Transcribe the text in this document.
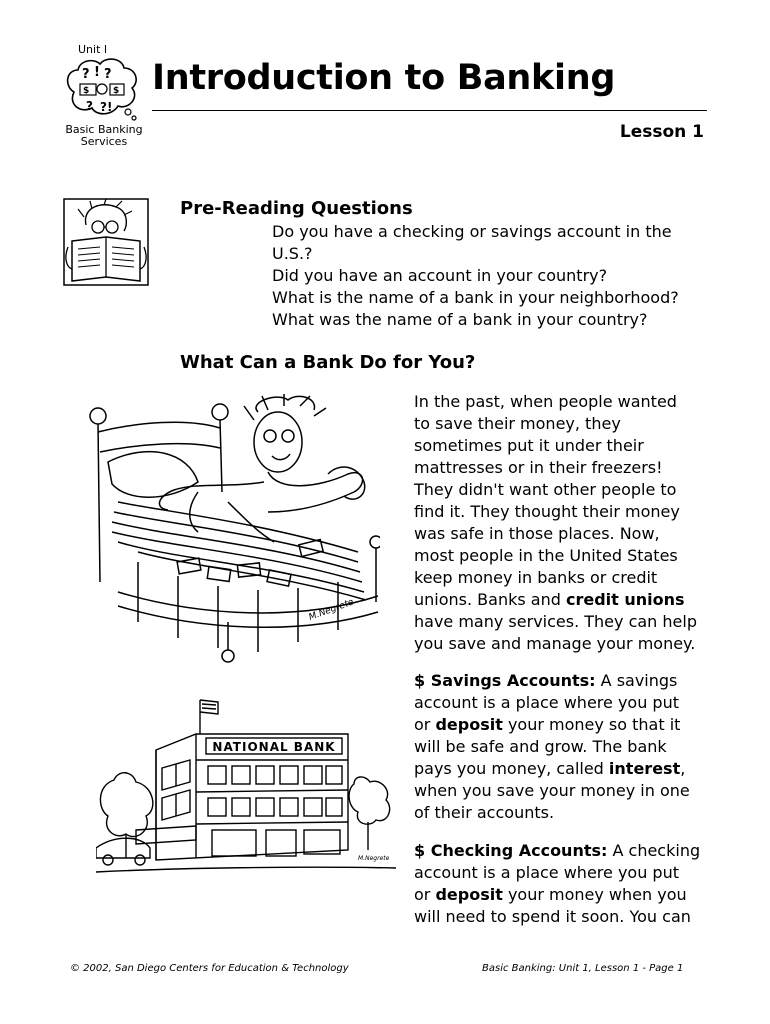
Unit I
? ! ?
$	$
? ?!
Basic Banking
Services
Introduction to Banking
Lesson 1
Pre-Reading Questions
Do you have a checking or savings account in the
U.S.?
Did you have an account in your country?
What is the name of a bank in your neighborhood?
What was the name of a bank in your country?
What Can a Bank Do for You?
M.Negrete
NATIONAL BANK
M.Negrete
In the past, when people wanted
to save their money, they
sometimes put it under their
mattresses or in their freezers!
They didn't want other people to
find it. They thought their money
was safe in those places. Now,
most people in the United States
keep money in banks or credit
unions. Banks and credit unions
have many services. They can help
you save and manage your money.
$ Savings Accounts: A savings
account is a place where you put
or deposit your money so that it
will be safe and grow. The bank
pays you money, called interest,
when you save your money in one
of their accounts.
$ Checking Accounts: A checking
account is a place where you put
or deposit your money when you
will need to spend it soon. You can
© 2002, San Diego Centers for Education & Technology	Basic Banking: Unit 1, Lesson 1 - Page 1
